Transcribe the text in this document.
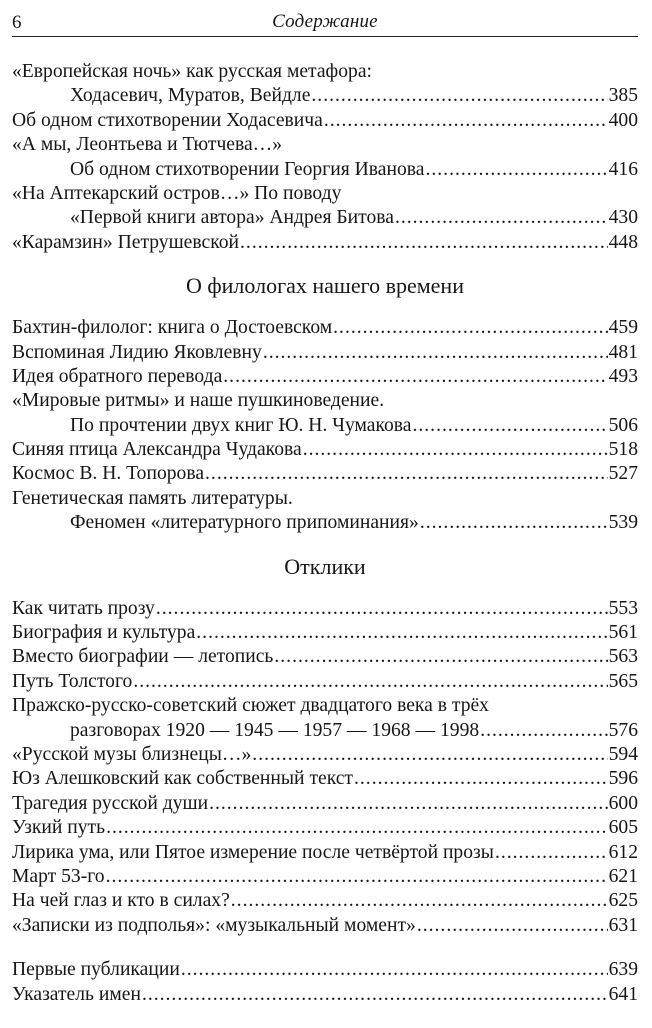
6	Содержание
«Европейская ночь» как русская метафора:
Ходасевич, Муратов, Вейдле .....	385
Об одном стихотворении Ходасевича .....	400
«А мы, Леонтьева и Тютчева…»
Об одном стихотворении Георгия Иванова .....	416
«На Аптекарский остров…» По поводу
«Первой книги автора» Андрея Битова .....	430
«Карамзин» Петрушевской .....	448
О филологах нашего времени
Бахтин-филолог: книга о Достоевском .....	459
Вспоминая Лидию Яковлевну .....	481
Идея обратного перевода .....	493
«Мировые ритмы» и наше пушкиноведение.
По прочтении двух книг Ю. Н. Чумакова .....	506
Синяя птица Александра Чудакова .....	518
Космос В. Н. Топорова .....	527
Генетическая память литературы.
Феномен «литературного припоминания» .....	539
Отклики
Как читать прозу .....	553
Биография и культура .....	561
Вместо биографии — летопись .....	563
Путь Толстого .....	565
Пражско-русско-советский сюжет двадцатого века в трёх
разговорах 1920 — 1945 — 1957 — 1968 — 1998 .....	576
«Русской музы близнецы…» .....	594
Юз Алешковский как собственный текст .....	596
Трагедия русской души .....	600
Узкий путь .....	605
Лирика ума, или Пятое измерение после четвёртой прозы .....	612
Март 53-го .....	621
На чей глаз и кто в силах? .....	625
«Записки из подполья»: «музыкальный момент» .....	631
Первые публикации .....	639
Указатель имен .....	641
